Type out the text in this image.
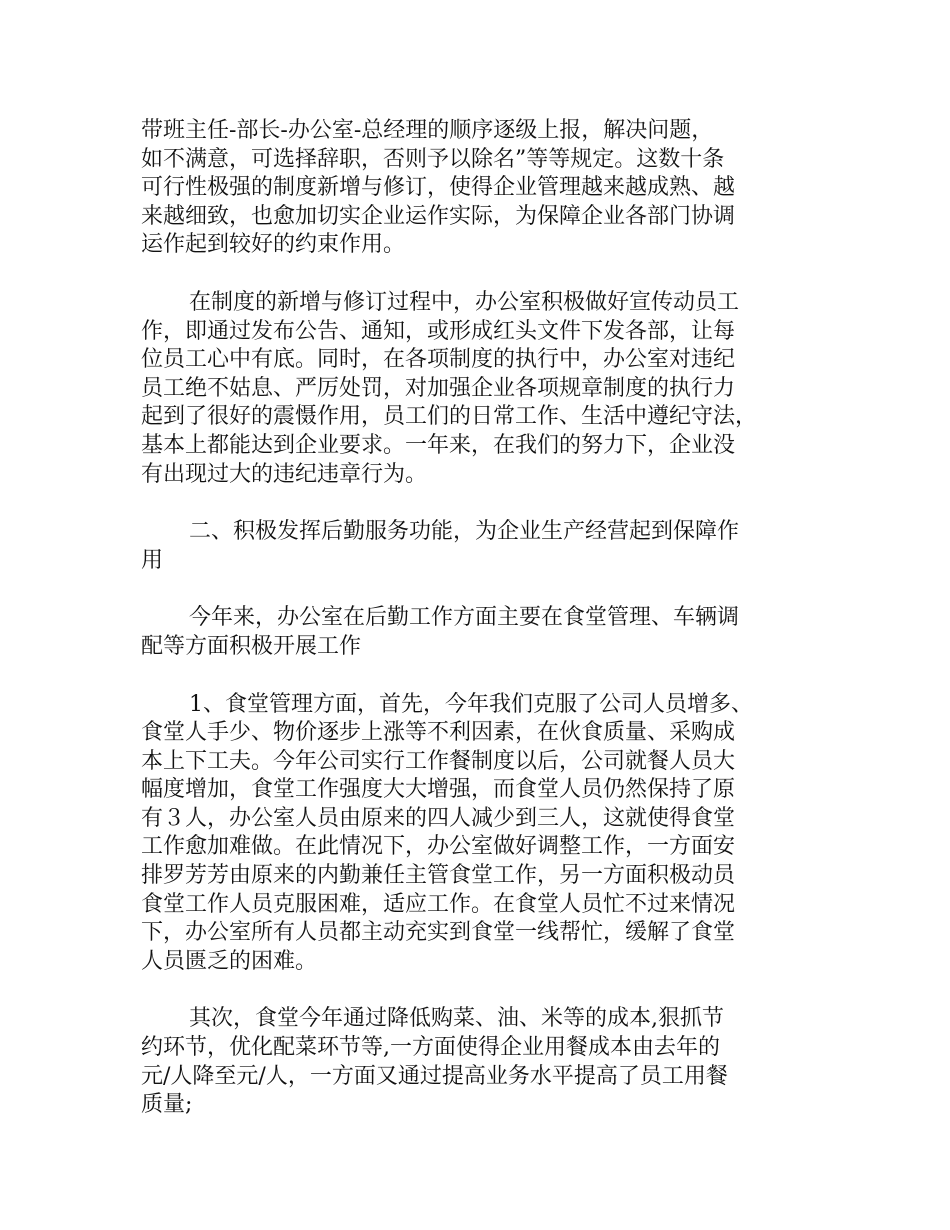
带班主任-部长-办公室-总经理的顺序逐级上报，解决问题，
如不满意，可选择辞职，否则予以除名”等等规定。这数十条
可行性极强的制度新增与修订，使得企业管理越来越成熟、越
来越细致，也愈加切实企业运作实际，为保障企业各部门协调
运作起到较好的约束作用。
在制度的新增与修订过程中，办公室积极做好宣传动员工
作，即通过发布公告、通知，或形成红头文件下发各部，让每
位员工心中有底。同时，在各项制度的执行中，办公室对违纪
员工绝不姑息、严厉处罚，对加强企业各项规章制度的执行力
起到了很好的震慑作用，员工们的日常工作、生活中遵纪守法，
基本上都能达到企业要求。一年来，在我们的努力下，企业没
有出现过大的违纪违章行为。
二、积极发挥后勤服务功能，为企业生产经营起到保障作
用
今年来，办公室在后勤工作方面主要在食堂管理、车辆调
配等方面积极开展工作
1、食堂管理方面，首先，今年我们克服了公司人员增多、
食堂人手少、物价逐步上涨等不利因素，在伙食质量、采购成
本上下工夫。今年公司实行工作餐制度以后，公司就餐人员大
幅度增加，食堂工作强度大大增强，而食堂人员仍然保持了原
有３人，办公室人员由原来的四人减少到三人，这就使得食堂
工作愈加难做。在此情况下，办公室做好调整工作，一方面安
排罗芳芳由原来的内勤兼任主管食堂工作，另一方面积极动员
食堂工作人员克服困难，适应工作。在食堂人员忙不过来情况
下，办公室所有人员都主动充实到食堂一线帮忙，缓解了食堂
人员匮乏的困难。
其次，食堂今年通过降低购菜、油、米等的成本,狠抓节
约环节，优化配菜环节等,一方面使得企业用餐成本由去年的
元/人降至元/人，一方面又通过提高业务水平提高了员工用餐
质量;
